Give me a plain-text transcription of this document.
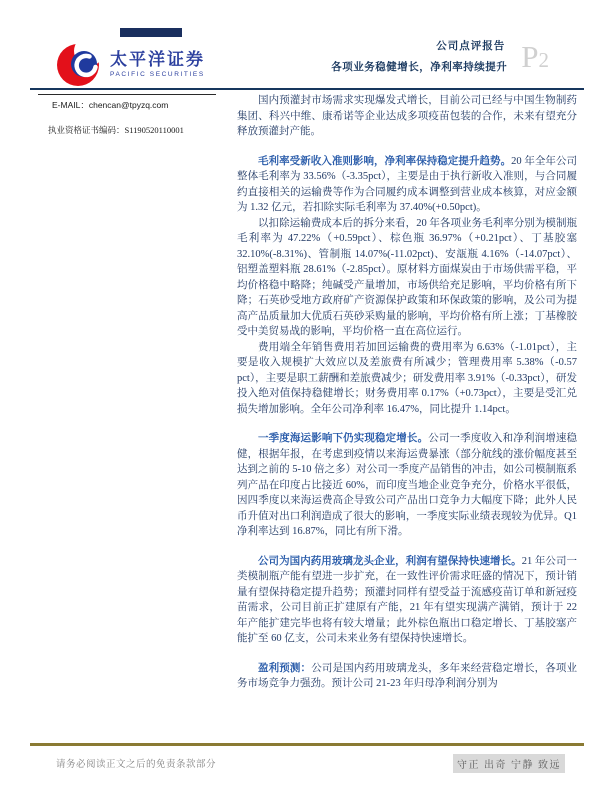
太平洋证券
PACIFIC SECURITIES
公司点评报告
各项业务稳健增长，净利率持续提升 P2
E-MAIL：chencan@tpyzq.com
执业资格证书编码：S1190520110001

国内预灌封市场需求实现爆发式增长，目前公司已经与中国生物制药集团、科兴中维、康希诺等企业达成多项疫苗包装的合作，未来有望充分释放预灌封产能。

毛利率受新收入准则影响，净利率保持稳定提升趋势。20 年全年公司整体毛利率为 33.56%（-3.35pct），主要是由于执行新收入准则，与合同履约直接相关的运输费等作为合同履约成本调整到营业成本核算，对应金额为 1.32 亿元，若扣除实际毛利率为 37.40%(+0.50pct)。

以扣除运输费成本后的拆分来看，20 年各项业务毛利率分别为模制瓶毛利率为 47.22%（+0.59pct）、棕色瓶 36.97%（+0.21pct）、丁基胶塞 32.10%(-8.31%)、管制瓶 14.07%(-11.02pct)、安瓿瓶 4.16%（-14.07pct）、铝塑盖塑料瓶 28.61%（-2.85pct）。原材料方面煤炭由于市场供需平稳，平均价格稳中略降；纯碱受产量增加，市场供给充足影响，平均价格有所下降；石英砂受地方政府矿产资源保护政策和环保政策的影响，及公司为提高产品质量加大优质石英砂采购量的影响，平均价格有所上涨；丁基橡胶受中美贸易战的影响，平均价格一直在高位运行。

费用端全年销售费用若加回运输费的费用率为 6.63%（-1.01pct），主要是收入规模扩大效应以及差旅费有所减少；管理费用率 5.38%（-0.57 pct），主要是职工薪酬和差旅费减少；研发费用率 3.91%（-0.33pct），研发投入绝对值保持稳健增长；财务费用率 0.17%（+0.73pct），主要是受汇兑损失增加影响。全年公司净利率 16.47%，同比提升 1.14pct。

一季度海运影响下仍实现稳定增长。公司一季度收入和净利润增速稳健，根据年报，在考虑到疫情以来海运费暴涨（部分航线的涨价幅度甚至达到之前的 5-10 倍之多）对公司一季度产品销售的冲击，如公司模制瓶系列产品在印度占比接近 60%，而印度当地企业竞争充分，价格水平很低，因四季度以来海运费高企导致公司产品出口竞争力大幅度下降；此外人民币升值对出口利润造成了很大的影响，一季度实际业绩表现较为优异。Q1 净利率达到 16.87%，同比有所下滑。

公司为国内药用玻璃龙头企业，利润有望保持快速增长。21 年公司一类模制瓶产能有望进一步扩充，在一致性评价需求旺盛的情况下，预计销量有望保持稳定提升趋势；预灌封同样有望受益于流感疫苗订单和新冠疫苗需求，公司目前正扩建原有产能，21 年有望实现满产满销，预计于 22 年产能扩建完毕也将有较大增量；此外棕色瓶出口稳定增长、丁基胶塞产能扩至 60 亿支，公司未来业务有望保持快速增长。

盈利预测：公司是国内药用玻璃龙头，多年来经营稳定增长，各项业务市场竞争力强劲。预计公司 21-23 年归母净利润分别为

请务必阅读正文之后的免责条款部分	守正 出奇 宁静 致远
